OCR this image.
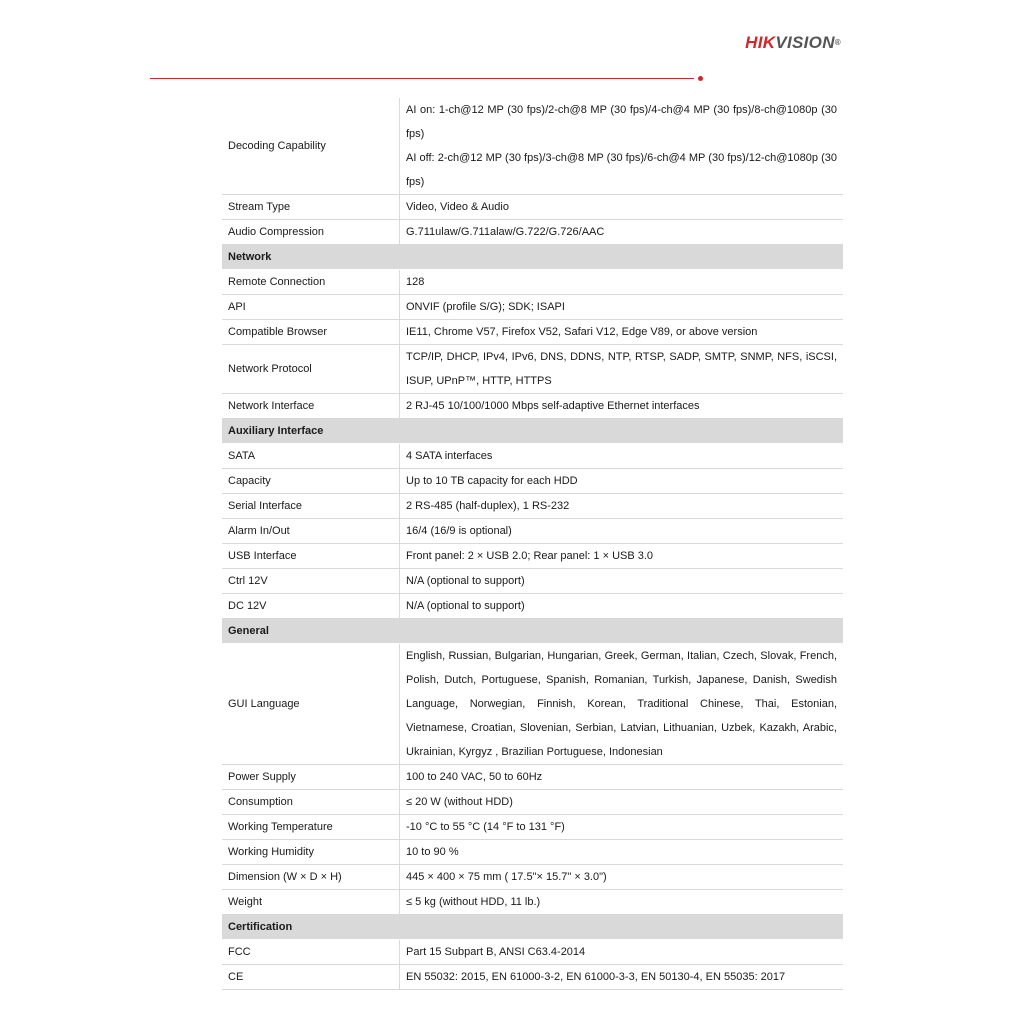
HIKVISION®
Decoding Capability	AI on: 1-ch@12 MP (30 fps)/2-ch@8 MP (30 fps)/4-ch@4 MP (30 fps)/8-ch@1080p (30 fps)
AI off: 2-ch@12 MP (30 fps)/3-ch@8 MP (30 fps)/6-ch@4 MP (30 fps)/12-ch@1080p (30 fps)

Stream Type	Video, Video & Audio
Audio Compression	G.711ulaw/G.711alaw/G.722/G.726/AAC
Network	
Remote Connection	128
API	ONVIF (profile S/G); SDK; ISAPI
Compatible Browser	IE11, Chrome V57, Firefox V52, Safari V12, Edge V89, or above version
Network Protocol	TCP/IP, DHCP, IPv4, IPv6, DNS, DDNS, NTP, RTSP, SADP, SMTP, SNMP, NFS, iSCSI, ISUP, UPnP™, HTTP, HTTPS
Network Interface	2 RJ-45 10/100/1000 Mbps self-adaptive Ethernet interfaces
Auxiliary Interface	
SATA	4 SATA interfaces
Capacity	Up to 10 TB capacity for each HDD
Serial Interface	2 RS-485 (half-duplex), 1 RS-232
Alarm In/Out	16/4 (16/9 is optional)
USB Interface	Front panel: 2 × USB 2.0; Rear panel: 1 × USB 3.0
Ctrl 12V	N/A (optional to support)
DC 12V	N/A (optional to support)
General	
GUI Language	English, Russian, Bulgarian, Hungarian, Greek, German, Italian, Czech, Slovak, French, Polish, Dutch, Portuguese, Spanish, Romanian, Turkish, Japanese, Danish, Swedish Language, Norwegian, Finnish, Korean, Traditional Chinese, Thai, Estonian, Vietnamese, Croatian, Slovenian, Serbian, Latvian, Lithuanian, Uzbek, Kazakh, Arabic, Ukrainian, Kyrgyz , Brazilian Portuguese, Indonesian
Power Supply	100 to 240 VAC, 50 to 60Hz
Consumption	≤ 20 W (without HDD)
Working Temperature	-10 °C to 55 °C (14 °F to 131 °F)
Working Humidity	10 to 90 %
Dimension (W × D × H)	445 × 400 × 75 mm ( 17.5"× 15.7" × 3.0")
Weight	≤ 5 kg (without HDD, 11 lb.)
Certification	
FCC	Part 15 Subpart B, ANSI C63.4-2014
CE	EN 55032: 2015, EN 61000-3-2, EN 61000-3-3, EN 50130-4, EN 55035: 2017
